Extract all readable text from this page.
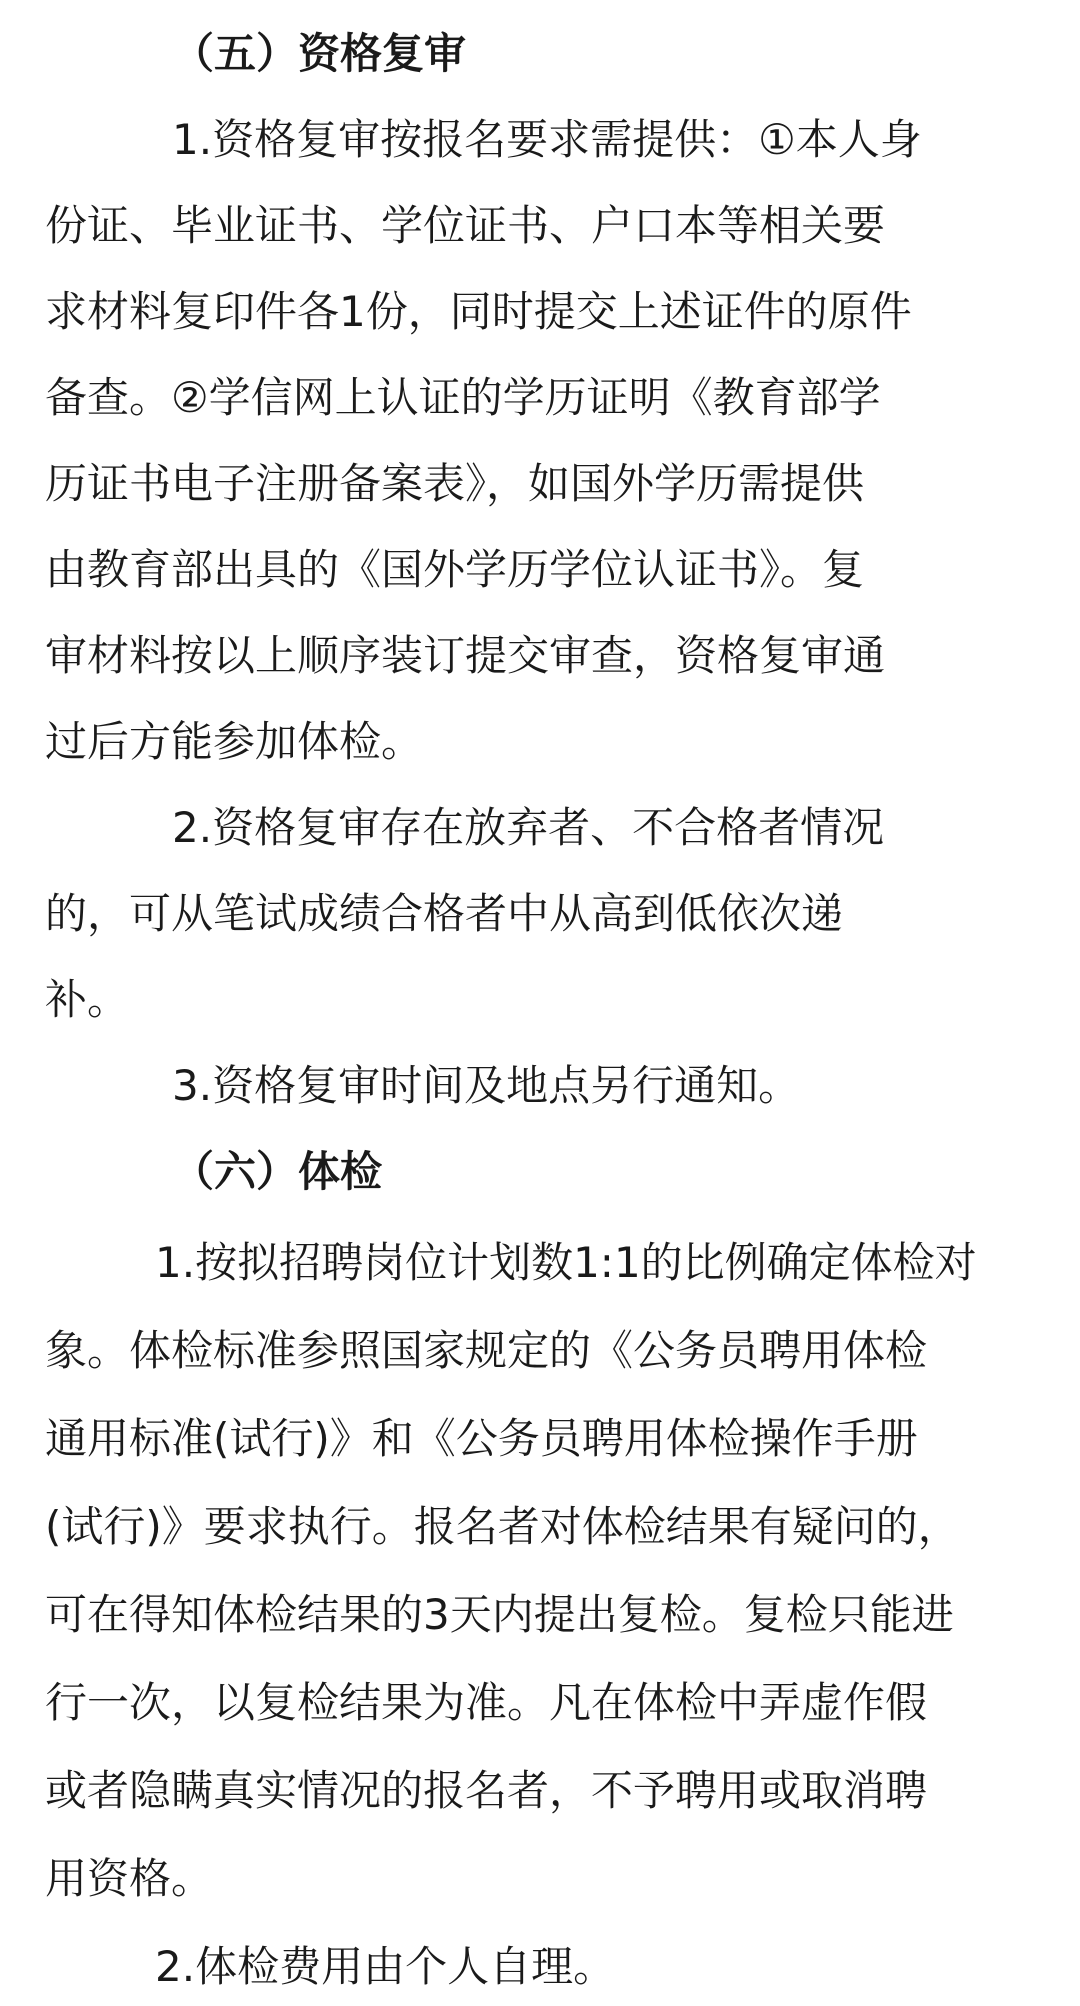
（五）资格复审
1.资格复审按报名要求需提供：①本人身
份证、毕业证书、学位证书、户口本等相关要
求材料复印件各1份，同时提交上述证件的原件
备查。②学信网上认证的学历证明《教育部学
历证书电子注册备案表》，如国外学历需提供
由教育部出具的《国外学历学位认证书》。复
审材料按以上顺序装订提交审查，资格复审通
过后方能参加体检。
2.资格复审存在放弃者、不合格者情况
的，可从笔试成绩合格者中从高到低依次递
补。
3.资格复审时间及地点另行通知。
（六）体检
1.按拟招聘岗位计划数1:1的比例确定体检对
象。体检标准参照国家规定的《公务员聘用体检
通用标准(试行)》和《公务员聘用体检操作手册
(试行)》要求执行。报名者对体检结果有疑问的，
可在得知体检结果的3天内提出复检。复检只能进
行一次，以复检结果为准。凡在体检中弄虚作假
或者隐瞒真实情况的报名者，不予聘用或取消聘
用资格。
2.体检费用由个人自理。
